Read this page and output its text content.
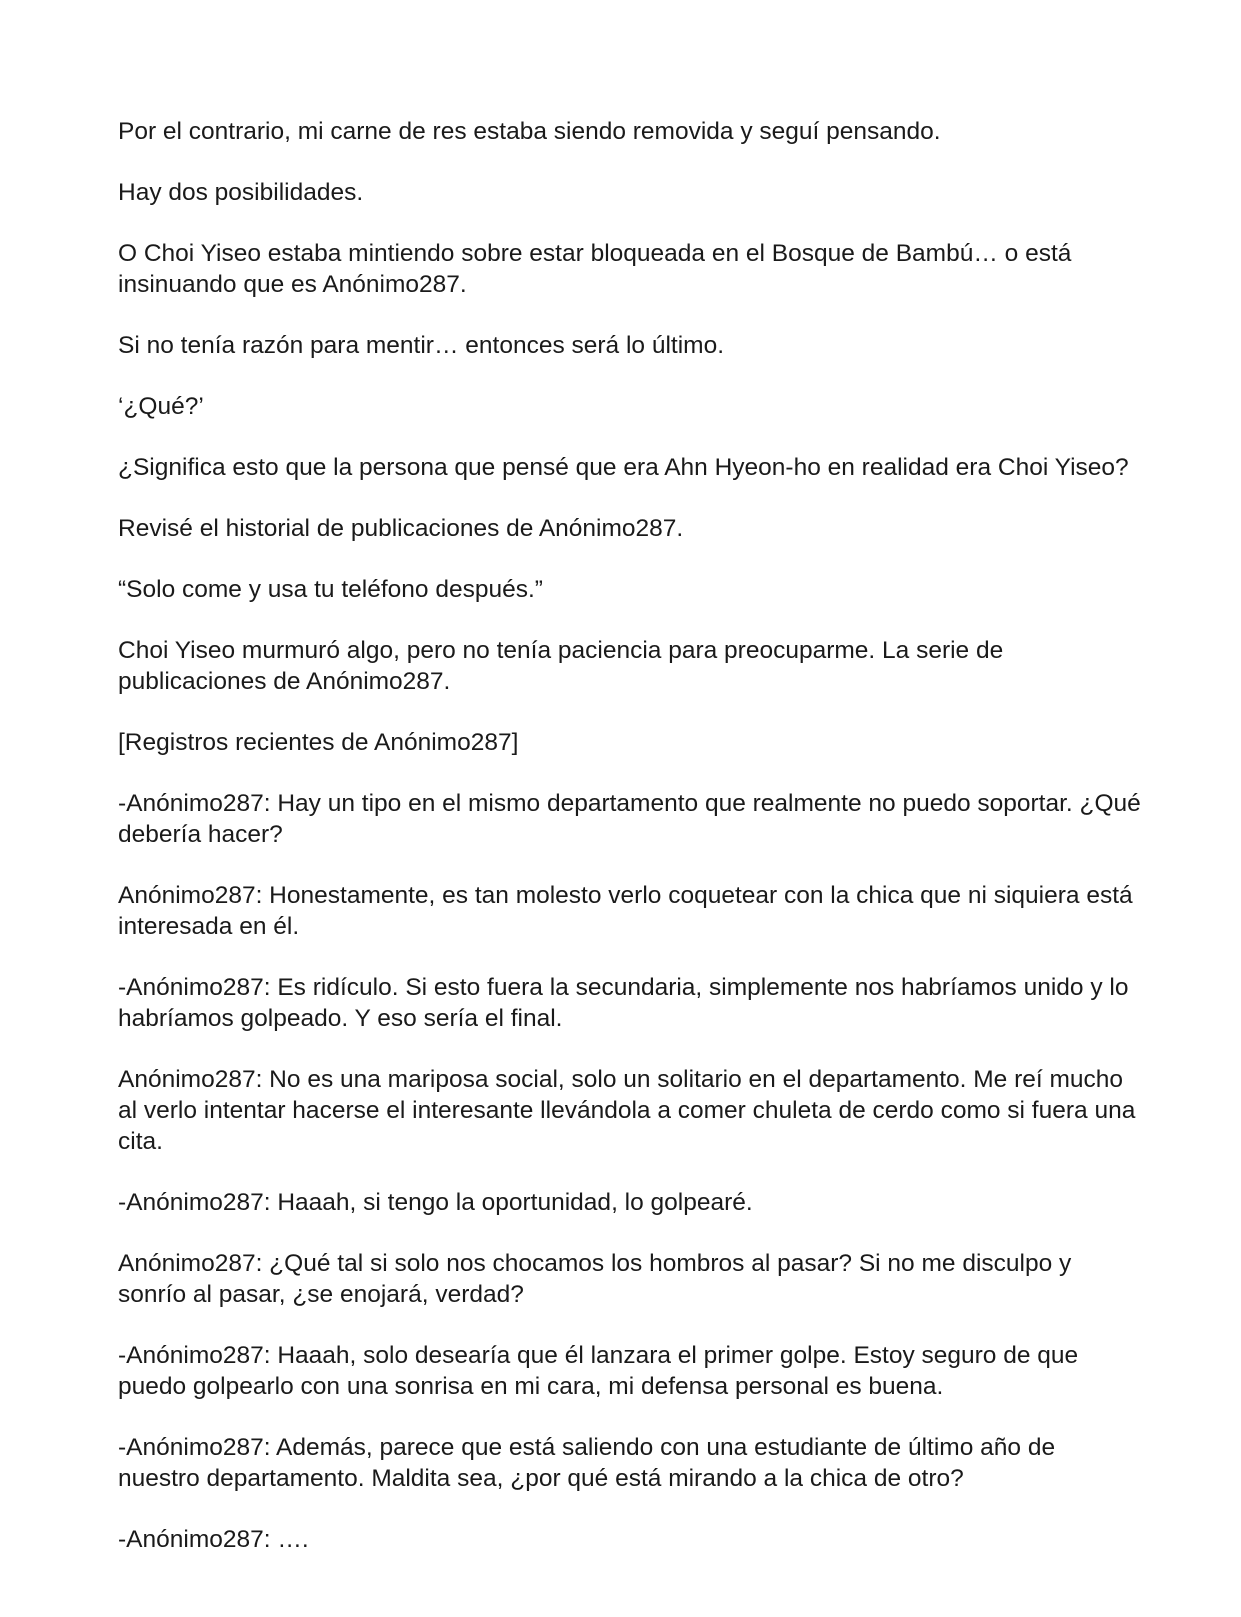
Por el contrario, mi carne de res estaba siendo removida y seguí pensando.

Hay dos posibilidades.

O Choi Yiseo estaba mintiendo sobre estar bloqueada en el Bosque de Bambú… o está insinuando que es Anónimo287.

Si no tenía razón para mentir… entonces será lo último.

‘¿Qué?’

¿Significa esto que la persona que pensé que era Ahn Hyeon-ho en realidad era Choi Yiseo?

Revisé el historial de publicaciones de Anónimo287.

“Solo come y usa tu teléfono después.”

Choi Yiseo murmuró algo, pero no tenía paciencia para preocuparme. La serie de publicaciones de Anónimo287.

[Registros recientes de Anónimo287]

-Anónimo287: Hay un tipo en el mismo departamento que realmente no puedo soportar. ¿Qué debería hacer?

Anónimo287: Honestamente, es tan molesto verlo coquetear con la chica que ni siquiera está interesada en él.

-Anónimo287: Es ridículo. Si esto fuera la secundaria, simplemente nos habríamos unido y lo habríamos golpeado. Y eso sería el final.

Anónimo287: No es una mariposa social, solo un solitario en el departamento. Me reí mucho al verlo intentar hacerse el interesante llevándola a comer chuleta de cerdo como si fuera una cita.

-Anónimo287: Haaah, si tengo la oportunidad, lo golpearé.

Anónimo287: ¿Qué tal si solo nos chocamos los hombros al pasar? Si no me disculpo y sonrío al pasar, ¿se enojará, verdad?

-Anónimo287: Haaah, solo desearía que él lanzara el primer golpe. Estoy seguro de que puedo golpearlo con una sonrisa en mi cara, mi defensa personal es buena.

-Anónimo287: Además, parece que está saliendo con una estudiante de último año de nuestro departamento. Maldita sea, ¿por qué está mirando a la chica de otro?

-Anónimo287: ….
